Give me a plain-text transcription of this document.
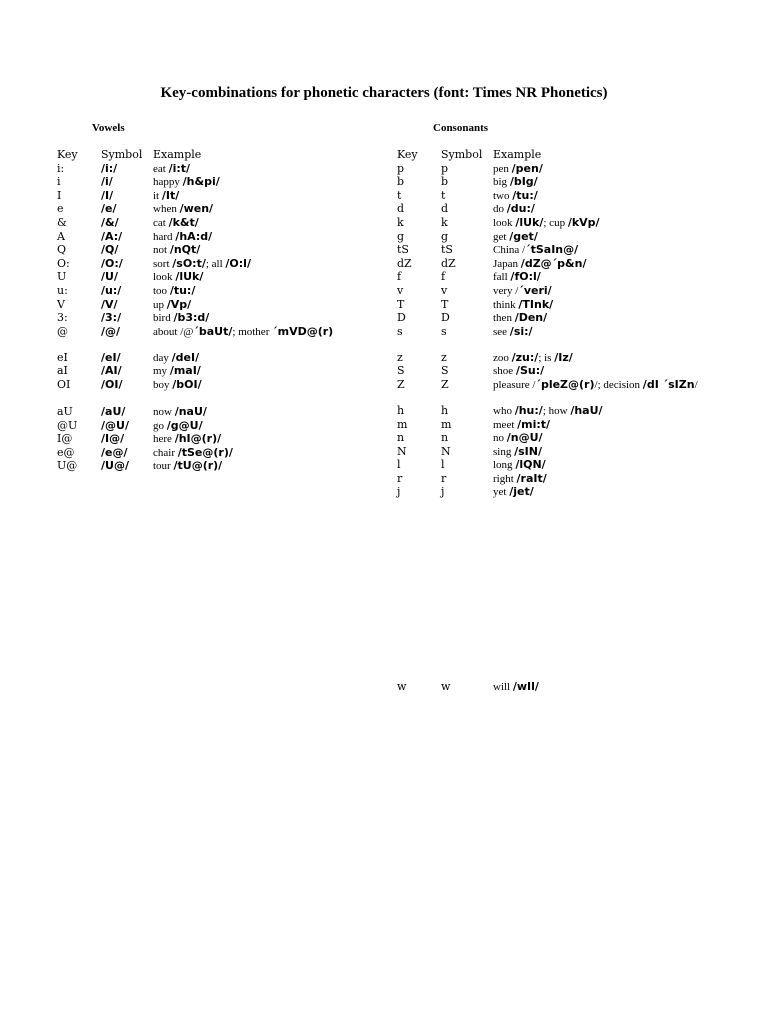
Key-combinations for phonetic characters (font: Times NR Phonetics)
Vowels	Consonants
Key Symbol Example
i:	/i:/	eat /i:t/
i	/i/	happy /h&pi/
I	/I/	it /It/
e	/e/	when /wen/
&	/&/	cat /k&t/
A	/A:/	hard /hA:d/
Q	/Q/	not /nQt/
O:	/O:/	sort /sO:t/; all /O:l/
U	/U/	look /lUk/
u:	/u:/	too /tu:/
V	/V/	up /Vp/
3:	/3:/	bird /b3:d/
@	/@/	about /@´baUt/; mother ´mVD@(r)
eI	/eI/	day /deI/
aI	/AI/	my /maI/
OI	/OI/	boy /bOI/
aU	/aU/	now /naU/
@U /@U/ go /g@U/
I@	/I@/	here /hI@(r)/
e@ /e@/ chair /tSe@(r)/
U@ /U@/ tour /tU@(r)/
Key Symbol Example
p	p	pen /pen/
b	b	big /bIg/
t	t	two /tu:/
d	d	do /du:/
k	k	look /lUk/; cup /kVp/
g	g	get /get/
tS	tS	China /´tSaIn@/
dZ	dZ	Japan /dZ@´p&n/
f	f	fall /fO:l/
v	v	very /´veri/
T	T	think /TInk/
D	D	then /Den/
s	s	see /si:/
z	z	zoo /zu:/; is /Iz/
S	S	shoe /Su:/
Z	Z	pleasure /´pleZ@(r)/; decision /dI ´sIZn/
h	h	who /hu:/; how /haU/
m	m	meet /mi:t/
n	n	no /n@U/
N	N	sing /sIN/
l	l	long /lQN/
r	r	right /raIt/
j	j	yet /jet/
w	w	will /wIl/
